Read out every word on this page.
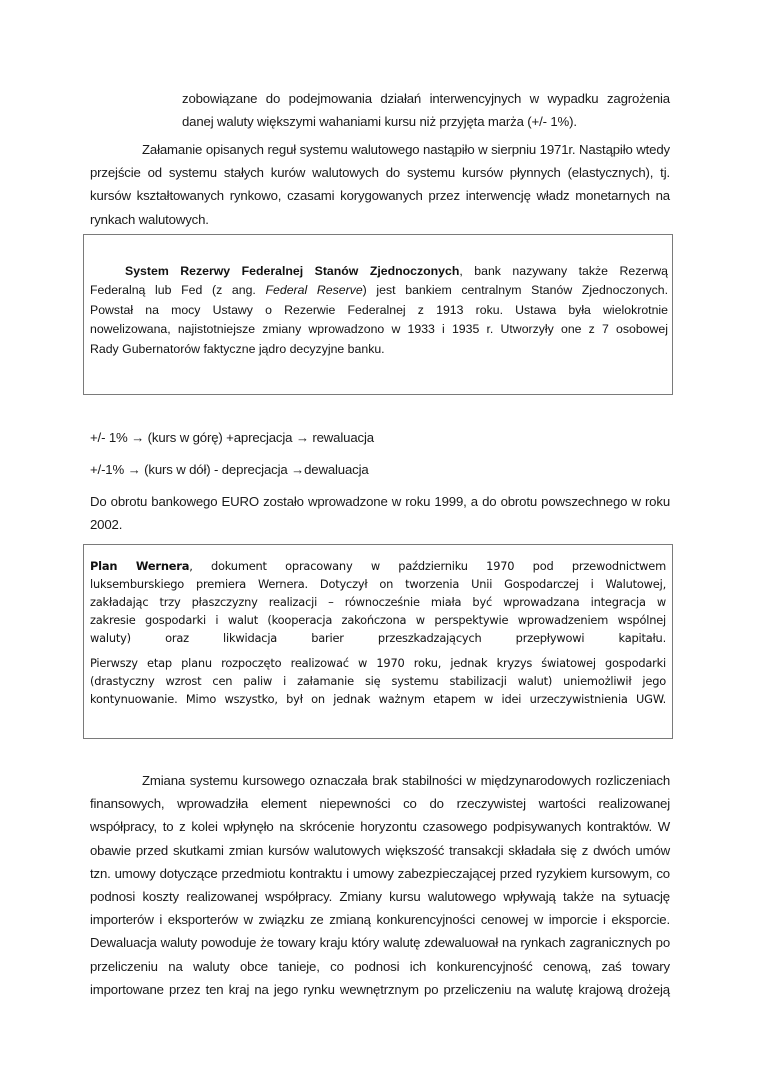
zobowiązane do podejmowania działań interwencyjnych w wypadku zagrożenia
danej waluty większymi wahaniami kursu niż przyjęta marża (+/- 1%).
Załamanie opisanych reguł systemu walutowego nastąpiło w sierpniu 1971r. Nastąpiło wtedy
przejście od systemu stałych kurów walutowych do systemu kursów płynnych (elastycznych), tj.
kursów kształtowanych rynkowo, czasami korygowanych przez interwencję władz monetarnych na
rynkach walutowych.
System Rezerwy Federalnej Stanów Zjednoczonych, bank nazywany także Rezerwą
Federalną lub Fed (z ang. Federal Reserve) jest bankiem centralnym Stanów Zjednoczonych.
Powstał na mocy Ustawy o Rezerwie Federalnej z 1913 roku. Ustawa była wielokrotnie
nowelizowana, najistotniejsze zmiany wprowadzono w 1933 i 1935 r. Utworzyły one z 7 osobowej
Rady Gubernatorów faktyczne jądro decyzyjne banku.
+/- 1% → (kurs w górę) +aprecjacja → rewaluacja
+/-1% → (kurs w dół) - deprecjacja →dewaluacja
Do obrotu bankowego EURO zostało wprowadzone w roku 1999, a do obrotu powszechnego w roku
2002.
Plan Wernera, dokument opracowany w październiku 1970 pod przewodnictwem
luksemburskiego premiera Wernera. Dotyczył on tworzenia Unii Gospodarczej i Walutowej,
zakładając trzy płaszczyzny realizacji – równocześnie miała być wprowadzana integracja w
zakresie gospodarki i walut (kooperacja zakończona w perspektywie wprowadzeniem wspólnej
waluty) oraz likwidacja barier przeszkadzających przepływowi kapitału.
Pierwszy etap planu rozpoczęto realizować w 1970 roku, jednak kryzys światowej gospodarki
(drastyczny wzrost cen paliw i załamanie się systemu stabilizacji walut) uniemożliwił jego
kontynuowanie. Mimo wszystko, był on jednak ważnym etapem w idei urzeczywistnienia UGW.
Zmiana systemu kursowego oznaczała brak stabilności w międzynarodowych rozliczeniach
finansowych, wprowadziła element niepewności co do rzeczywistej wartości realizowanej
współpracy, to z kolei wpłynęło na skrócenie horyzontu czasowego podpisywanych kontraktów. W
obawie przed skutkami zmian kursów walutowych większość transakcji składała się z dwóch umów
tzn. umowy dotyczące przedmiotu kontraktu i umowy zabezpieczającej przed ryzykiem kursowym, co
podnosi koszty realizowanej współpracy. Zmiany kursu walutowego wpływają także na sytuację
importerów i eksporterów w związku ze zmianą konkurencyjności cenowej w imporcie i eksporcie.
Dewaluacja waluty powoduje że towary kraju który walutę zdewaluował na rynkach zagranicznych po
przeliczeniu na waluty obce tanieje, co podnosi ich konkurencyjność cenową, zaś towary
importowane przez ten kraj na jego rynku wewnętrznym po przeliczeniu na walutę krajową drożeją
